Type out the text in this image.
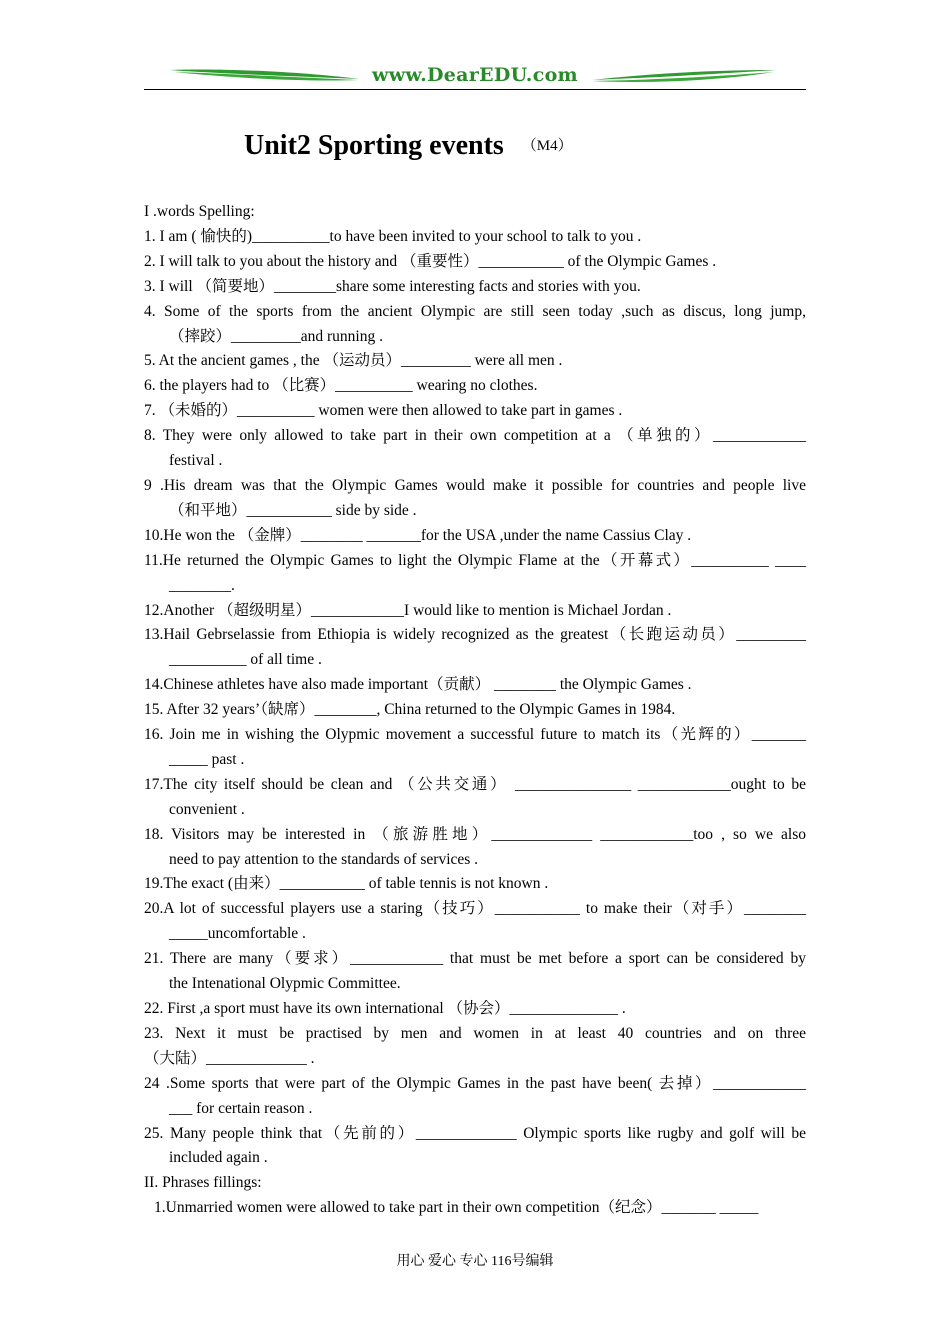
www.DearEDU.com
Unit2 Sporting events （M4）
I .words Spelling:
1. I am ( 愉快的)__________to have been invited to your school to talk to you .
2. I will talk to you about the history and （重要性）___________ of the Olympic Games .
3. I will （简要地）________share some interesting facts and stories with you.
4. Some of the sports from the ancient Olympic are still seen today ,such as discus, long jump,
（摔跤）_________and running .
5. At the ancient games , the （运动员）_________ were all men .
6. the players had to （比赛）__________ wearing no clothes.
7. （未婚的）__________ women were then allowed to take part in games .
8. They were only allowed to take part in their own competition at a （单独的）____________
festival .
9 .His dream was that the Olympic Games would make it possible for countries and people live
（和平地）___________ side by side .
10.He won the （金牌）________ _______for the USA ,under the name Cassius Clay .
11.He returned the Olympic Games to light the Olympic Flame at the（开幕式）__________ ____
________.
12.Another （超级明星）____________I would like to mention is Michael Jordan .
13.Hail Gebrselassie from Ethiopia is widely recognized as the greatest（长跑运动员）_________
__________ of all time .
14.Chinese athletes have also made important（贡献） ________ the Olympic Games .
15. After 32 years’（缺席）________, China returned to the Olympic Games in 1984.
16. Join me in wishing the Olypmic movement a successful future to match its（光辉的）_______
_____ past .
17.The city itself should be clean and （公共交通） _______________ ____________ought to be
convenient .
18. Visitors may be interested in （旅游胜地）_____________ ____________too , so we also
need to pay attention to the standards of services .
19.The exact (由来）___________ of table tennis is not known .
20.A lot of successful players use a staring（技巧）___________ to make their（对手）________
_____uncomfortable .
21. There are many（要求）____________ that must be met before a sport can be considered by
the Intenational Olypmic Committee.
22. First ,a sport must have its own international （协会）______________ .
23. Next it must be practised by men and women in at least 40 countries and on three
（大陆）_____________ .
24 .Some sports that were part of the Olympic Games in the past have been( 去掉）____________
___ for certain reason .
25. Many people think that（先前的）_____________ Olympic sports like rugby and golf will be
included again .
II. Phrases fillings:
1.Unmarried women were allowed to take part in their own competition（纪念）_______ _____
用心 爱心 专心 116号编辑
